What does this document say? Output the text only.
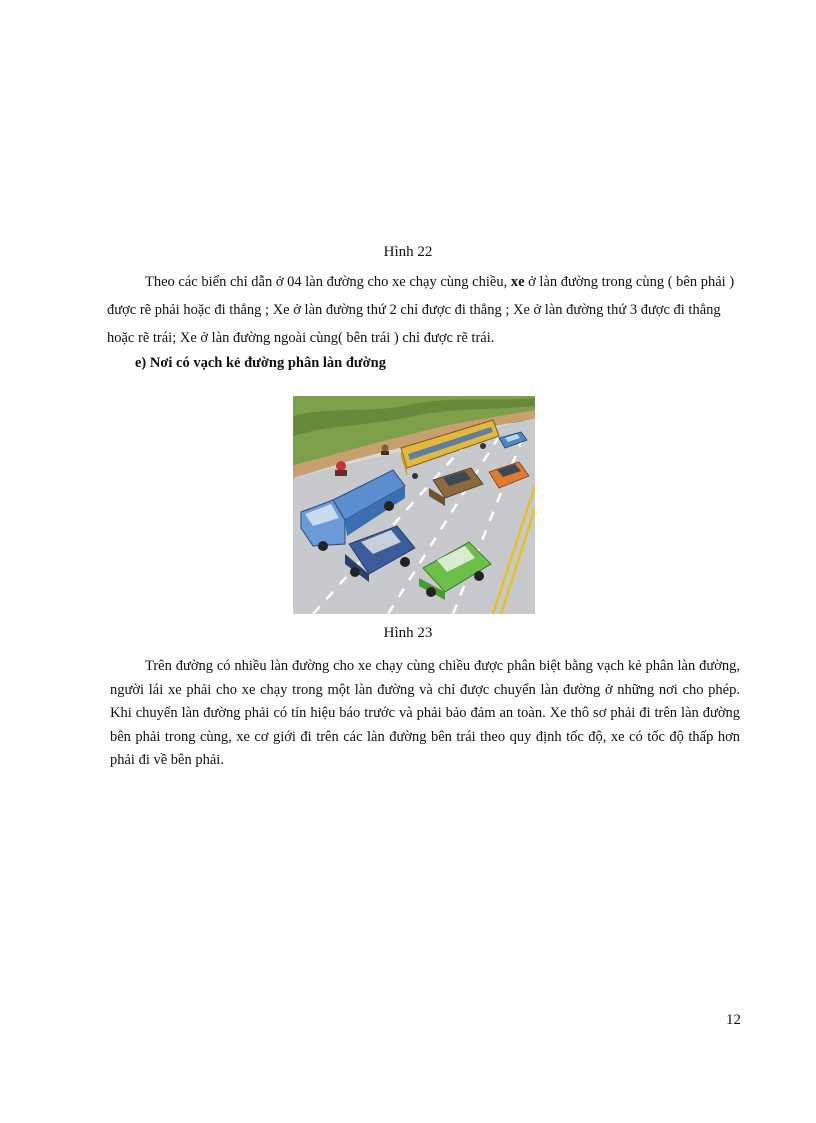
Hình 22

Theo các biển chỉ dẫn ở 04 làn đường cho xe chạy cùng chiều, xe ở làn đường trong cùng ( bên phải ) được rẽ phải hoặc đi thẳng ; Xe ở làn đường thứ 2 chỉ được đi thẳng ; Xe ở làn đường thứ 3 được đi thẳng hoặc rẽ trái; Xe ở làn đường ngoài cùng( bên trái ) chỉ được rẽ trái.

e) Nơi có vạch kẻ đường phân làn đường
Hình 23

Trên đường có nhiều làn đường cho xe chạy cùng chiều được phân biệt bằng vạch kẻ phân làn đường, người lái xe phải cho xe chạy trong một làn đường và chỉ được chuyển làn đường ở những nơi cho phép. Khi chuyển làn đường phải có tín hiệu báo trước và phải bảo đảm an toàn. Xe thô sơ phải đi trên làn đường bên phải trong cùng, xe cơ giới đi trên các làn đường bên trái theo quy định tốc độ, xe có tốc độ thấp hơn phải đi về bên phải.

12
